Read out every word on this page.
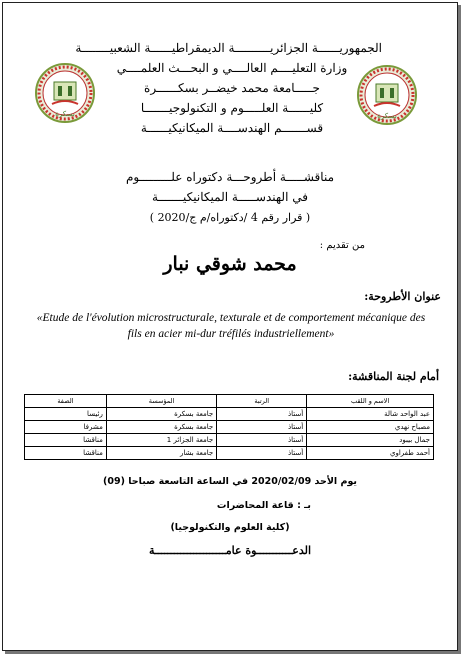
بسكرة	بسكرة
الجمهوريــــــة الجزائريــــــــــة الديمقراطيــــــة الشعبيــــــــة
وزارة التعليــــم العالــــي و البحـــث العلمــــي
جـــــامعة محمد خيضــر بسكــــــرة
كليــــــة العلـــــوم و التكنولوجيـــــــا
قســـــــم الهندســــة الميكانيكيــــــة
مناقشـــــة أطروحـــة دكتوراه علـــــــــوم
في الهندســـــة الميكانيكيـــــــة
( قرار رقم 4 /دكتوراه/م ج/2020 )
من تقديم :
محمد شوقي نبار
عنوان الأطروحة:
«Etude de l'évolution microstructurale, texturale et de comportement mécanique des fils en acier mi-dur tréfilés industriellement»
أمام لجنة المناقشة:
الاسم و اللقب	الرتبة	المؤسسة	الصفة
عبد الواحد شالة	أستاذ	جامعة بسكرة	رئيسا
مصباح نهدي	أستاذ	جامعة بسكرة	مشرفا
جمال بيبود	أستاذ	جامعة الجزائر 1	مناقشا
أحمد طفراوي	أستاذ	جامعة بشار	مناقشا
يوم الأحد 2020/02/09 في الساعة التاسعة صباحا (09)
بـ : قاعة المحاضرات
(كلية العلوم والتكنولوجيا)
الدعـــــــــــوة عامــــــــــــــــــــــة
